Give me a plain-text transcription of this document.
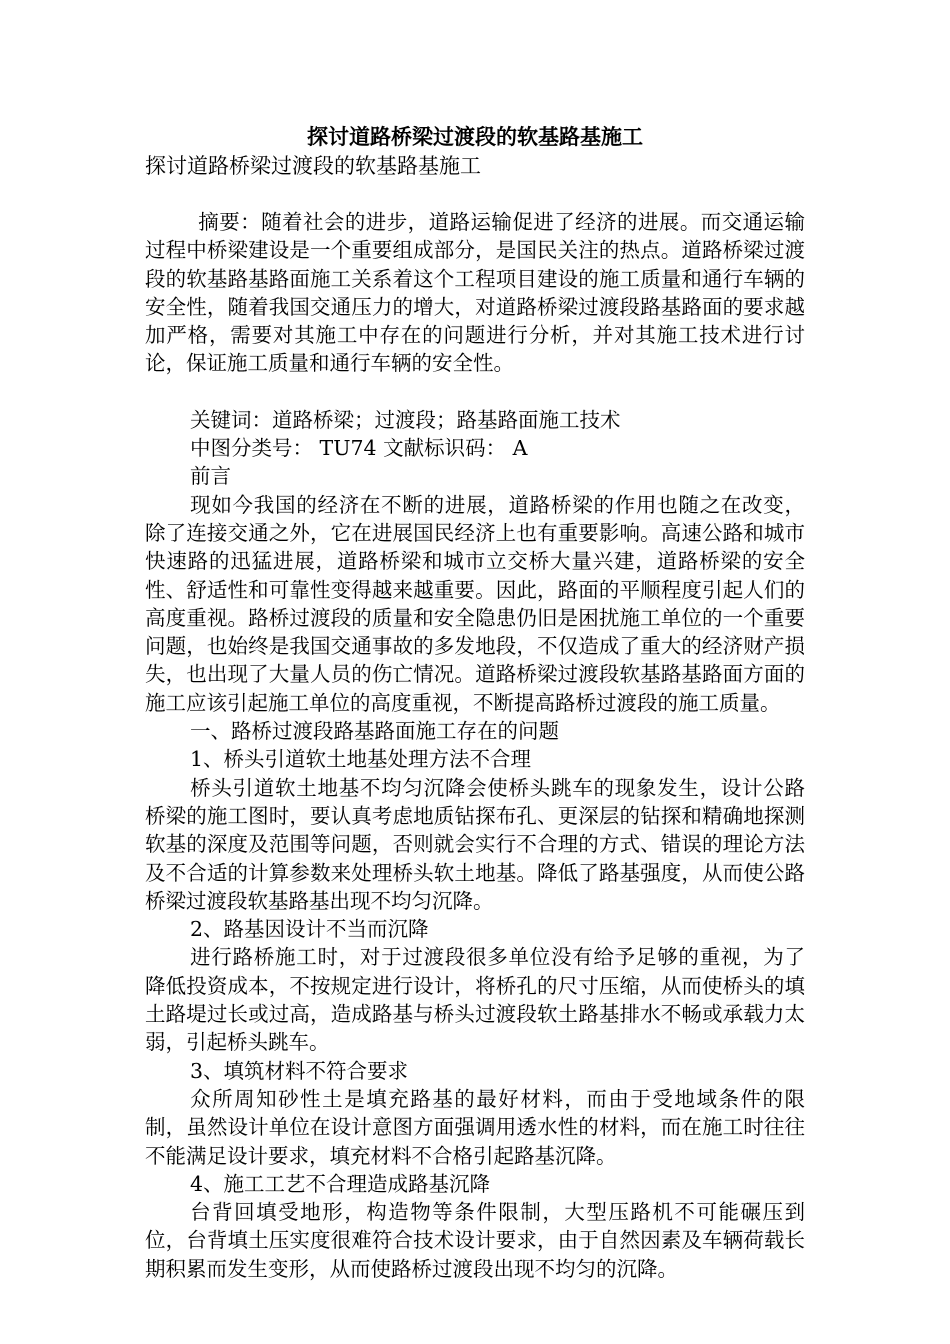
探讨道路桥梁过渡段的软基路基施工

探讨道路桥梁过渡段的软基路基施工

摘要：随着社会的进步，道路运输促进了经济的进展。而交通运输过程中桥梁建设是一个重要组成部分，是国民关注的热点。道路桥梁过渡段的软基路基路面施工关系着这个工程项目建设的施工质量和通行车辆的安全性，随着我国交通压力的增大，对道路桥梁过渡段路基路面的要求越加严格，需要对其施工中存在的问题进行分析，并对其施工技术进行讨论，保证施工质量和通行车辆的安全性。

关键词：道路桥梁；过渡段；路基路面施工技术

中图分类号： TU74 文献标识码： A

前言

现如今我国的经济在不断的进展，道路桥梁的作用也随之在改变，除了连接交通之外，它在进展国民经济上也有重要影响。高速公路和城市快速路的迅猛进展，道路桥梁和城市立交桥大量兴建，道路桥梁的安全性、舒适性和可靠性变得越来越重要。因此，路面的平顺程度引起人们的高度重视。路桥过渡段的质量和安全隐患仍旧是困扰施工单位的一个重要问题，也始终是我国交通事故的多发地段，不仅造成了重大的经济财产损失，也出现了大量人员的伤亡情况。道路桥梁过渡段软基路基路面方面的施工应该引起施工单位的高度重视，不断提高路桥过渡段的施工质量。

一、路桥过渡段路基路面施工存在的问题

1、桥头引道软土地基处理方法不合理

桥头引道软土地基不均匀沉降会使桥头跳车的现象发生，设计公路桥梁的施工图时，要认真考虑地质钻探布孔、更深层的钻探和精确地探测软基的深度及范围等问题，否则就会实行不合理的方式、错误的理论方法及不合适的计算参数来处理桥头软土地基。降低了路基强度，从而使公路桥梁过渡段软基路基出现不均匀沉降。

2、路基因设计不当而沉降

进行路桥施工时，对于过渡段很多单位没有给予足够的重视，为了降低投资成本，不按规定进行设计，将桥孔的尺寸压缩，从而使桥头的填土路堤过长或过高，造成路基与桥头过渡段软土路基排水不畅或承载力太弱，引起桥头跳车。

3、填筑材料不符合要求

众所周知砂性土是填充路基的最好材料，而由于受地域条件的限制，虽然设计单位在设计意图方面强调用透水性的材料，而在施工时往往不能满足设计要求，填充材料不合格引起路基沉降。

4、施工工艺不合理造成路基沉降

台背回填受地形，构造物等条件限制，大型压路机不可能碾压到位，台背填土压实度很难符合技术设计要求，由于自然因素及车辆荷载长期积累而发生变形，从而使路桥过渡段出现不均匀的沉降。
